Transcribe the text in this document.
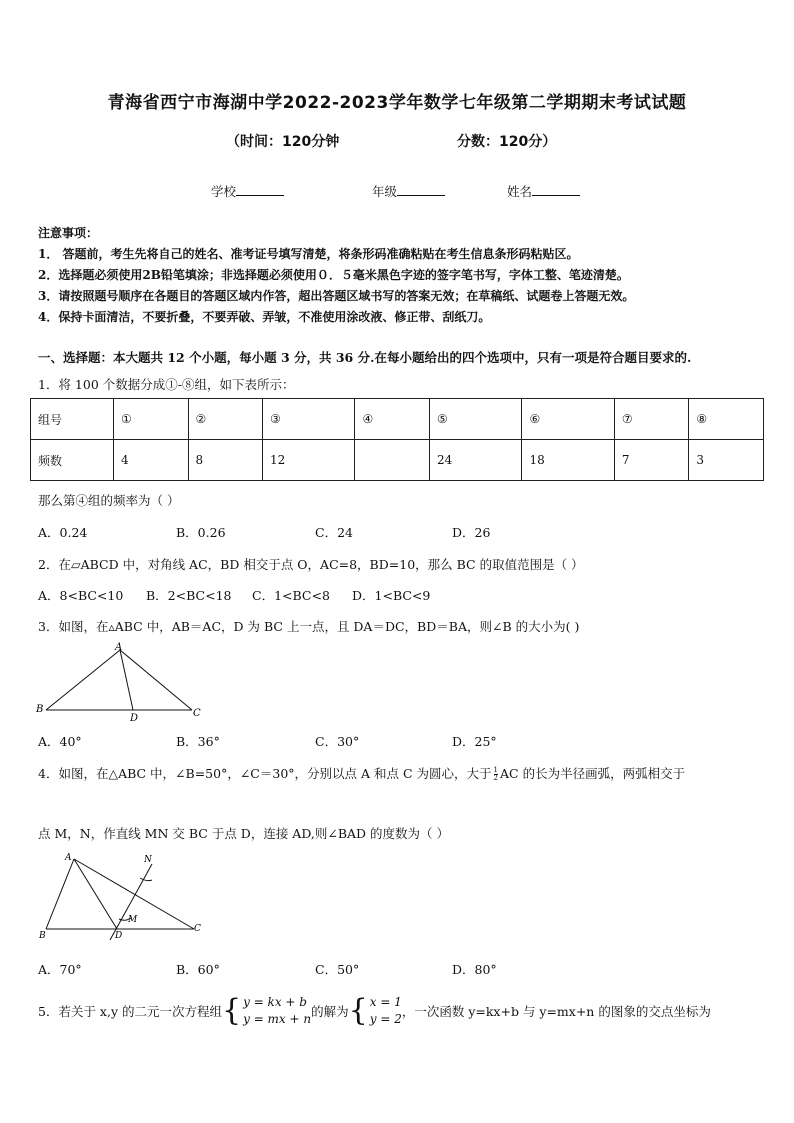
青海省西宁市海湖中学2022-2023学年数学七年级第二学期期末考试试题
（时间：120分钟	分数：120分）
学校	年级	姓名
注意事项：
1． 答题前，考生先将自己的姓名、准考证号填写清楚，将条形码准确粘贴在考生信息条形码粘贴区。
2．选择题必须使用2B铅笔填涂；非选择题必须使用０．５毫米黑色字迹的签字笔书写，字体工整、笔迹清楚。
3．请按照题号顺序在各题目的答题区域内作答，超出答题区域书写的答案无效；在草稿纸、试题卷上答题无效。
4．保持卡面清洁，不要折叠，不要弄破、弄皱，不准使用涂改液、修正带、刮纸刀。
一、选择题：本大题共 12 个小题，每小题 3 分，共 36 分.在每小题给出的四个选项中，只有一项是符合题目要求的.
1．将 100 个数据分成①-⑧组，如下表所示：
组号	①	②	③	④	⑤	⑥	⑦	⑧
频数	4	8	12		24	18	7	3
那么第④组的频率为（ ）
A．0.24	B．0.26	C．24	D．26
2．在▱ABCD 中，对角线 AC，BD 相交于点 O，AC=8，BD=10，那么 BC 的取值范围是（ ）
A．8<BC<10 B．2<BC<18 C．1<BC<8 D．1<BC<9
3．如图，在▵ABC 中，AB＝AC，D 为 BC 上一点，且 DA＝DC，BD＝BA，则∠B 的大小为( )
A
B	C
D
A．40°	B．36°	C．30°	D．25°
4．如图，在△ABC 中，∠B=50°，∠C＝30°，分别以点 A 和点 C 为圆心，大于 $\frac{1}{2}$ AC 的长为半径画弧，两弧相交于
点 M，N，作直线 MN 交 BC 于点 D，连接 AD,则∠BAD 的度数为（ ）
A
B
C
D
M
N
A．70°	B．60°	C．50°	D．80°
5．若关于 x,y 的二元一次方程组 { y = kx + b
y = mx + n 的解为 { x = 1
y = 2 ，一次函数 y=kx+b 与 y=mx+n 的图象的交点坐标为
